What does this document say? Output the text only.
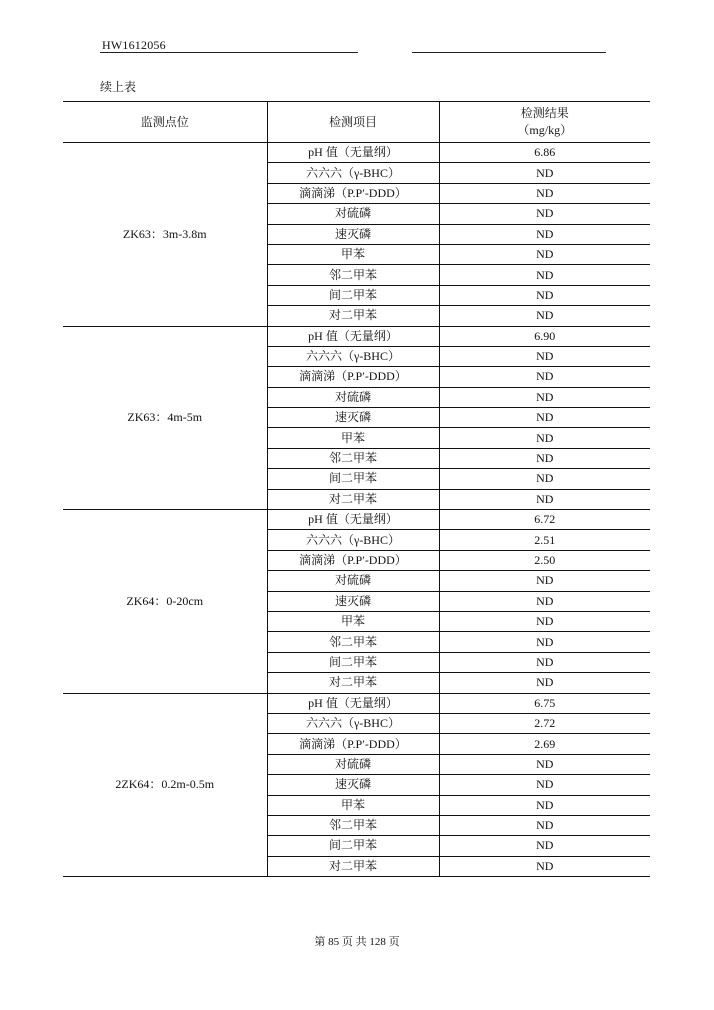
HW1612056
续上表
监测点位	检测项目	检测结果
（mg/kg）

ZK63：3m-3.8m	pH 值（无量纲）	6.86
	六六六（γ-BHC）	ND
	滴滴涕（P.P′-DDD）	ND
	对硫磷	ND
	速灭磷	ND
	甲苯	ND
	邻二甲苯	ND
	间二甲苯	ND
	对二甲苯	ND
ZK63：4m-5m	pH 值（无量纲）	6.90
	六六六（γ-BHC）	ND
	滴滴涕（P.P′-DDD）	ND
	对硫磷	ND
	速灭磷	ND
	甲苯	ND
	邻二甲苯	ND
	间二甲苯	ND
	对二甲苯	ND
ZK64：0-20cm	pH 值（无量纲）	6.72
	六六六（γ-BHC）	2.51
	滴滴涕（P.P′-DDD）	2.50
	对硫磷	ND
	速灭磷	ND
	甲苯	ND
	邻二甲苯	ND
	间二甲苯	ND
	对二甲苯	ND
2ZK64：0.2m-0.5m	pH 值（无量纲）	6.75
	六六六（γ-BHC）	2.72
	滴滴涕（P.P′-DDD）	2.69
	对硫磷	ND
	速灭磷	ND
	甲苯	ND
	邻二甲苯	ND
	间二甲苯	ND
	对二甲苯	ND
第 85 页 共 128 页
